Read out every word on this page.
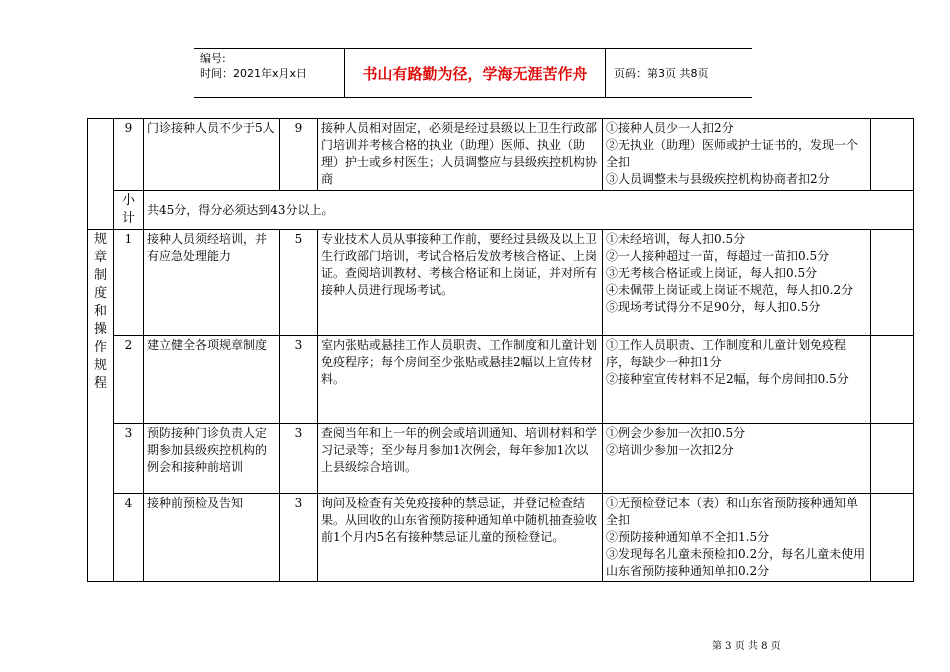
编号:
时间：2021年x月x日	书山有路勤为径，学海无涯苦作舟	页码：第3页 共8页
	9	门诊接种人员不少于5人	9	接种人员相对固定，必须是经过县级以上卫生行政部门培训并考核合格的执业（助理）医师、执业（助理）护士或乡村医生；人员调整应与县级疾控机构协商	①接种人员少一人扣2分
②无执业（助理）医师或护士证书的，发现一个全扣
③人员调整未与县级疾控机构协商者扣2分	

	小计	共45分，得分必须达到43分以上。				
规章制度和操作规程	1	接种人员须经培训，并有应急处理能力	5	专业技术人员从事接种工作前，要经过县级及以上卫生行政部门培训，考试合格后发放考核合格证、上岗证。查阅培训教材、考核合格证和上岗证，并对所有接种人员进行现场考试。	①未经培训，每人扣0.5分
②一人接种超过一苗，每超过一苗扣0.5分
③无考核合格证或上岗证，每人扣0.5分
④未佩带上岗证或上岗证不规范，每人扣0.2分
⑤现场考试得分不足90分，每人扣0.5分	

	2	建立健全各项规章制度	3	室内张贴或悬挂工作人员职责、工作制度和儿童计划免疫程序；每个房间至少张贴或悬挂2幅以上宣传材料。	①工作人员职责、工作制度和儿童计划免疫程序，每缺少一种扣1分
②接种室宣传材料不足2幅，每个房间扣0.5分	

	3	预防接种门诊负责人定期参加县级疾控机构的例会和接种前培训	3	查阅当年和上一年的例会或培训通知、培训材料和学习记录等；至少每月参加1次例会，每年参加1次以上县级综合培训。	①例会少参加一次扣0.5分
②培训少参加一次扣2分	

	4	接种前预检及告知	3	询问及检查有关免疫接种的禁忌证，并登记检查结果。从回收的山东省预防接种通知单中随机抽查验收前1个月内5名有接种禁忌证儿童的预检登记。	①无预检登记本（表）和山东省预防接种通知单全扣
②预防接种通知单不全扣1.5分
③发现每名儿童未预检扣0.2分，每名儿童未使用山东省预防接种通知单扣0.2分	

第 3 页 共 8 页
